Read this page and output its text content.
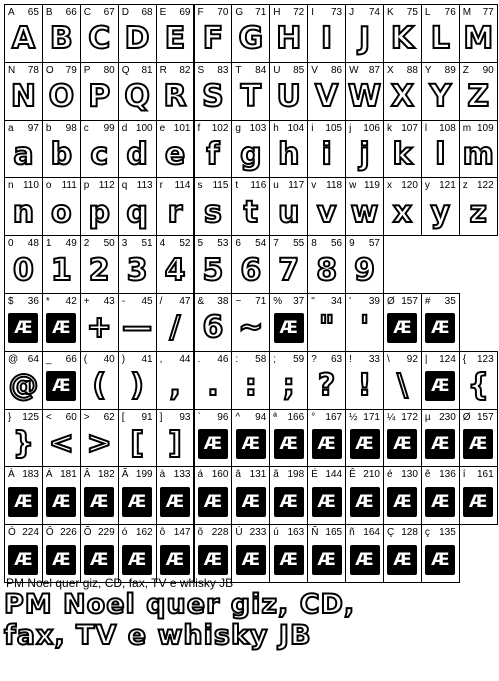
A 65
A
B 66
B
C 67
C
D 68
D
E 69
E
F 70
F
G 71
G
H 72
H
I 73
I
J 74
J
K 75
K
L 76
L
M 77
M
N 78
N
O 79
O
P 80
P
Q 81
Q
R 82
R
S 83
S
T 84
T
U 85
U
V 86
V
W 87
W
X 88
X
Y 89
Y
Z 90
Z
a 97
a
b 98
b
c 99
c
d 100
d
e 101
e
f 102
f
g 103
g
h 104
h
i 105
i
j 106
j
k 107
k
l 108
l
m 109
m
n 110
n
o 111
o
p 112
p
q 113
q
r 114
r
s 115
s
t 116
t
u 117
u
v 118
v
w 119
w
x 120
x
y 121
y
z 122
z
0 48
0
1 49
1
2 50
2
3 51
3
4 52
4
5 53
5
6 54
6
7 55
7
8 56
8
9 57
9
$ 36
Æ
* 42
Æ
+ 43
+
- 45
—
/ 47
/
& 38
6
~ 71
~
% 37
Æ
" 34
"
' 39
'
Ø 157
Æ
# 35
Æ
@ 64
@
_ 66
Æ
( 40
(
) 41
)
, 44
,
. 46
.
: 58
:
; 59
;
? 63
?
! 33
!
\ 92
\
| 124
Æ
{ 123
{
} 125
}
< 60
<
> 62
>
[ 91
[
] 93
]
` 96
Æ
^ 94
Æ
ª 166
Æ
° 167
Æ
½ 171
Æ
¼ 172
Æ
µ 230
Æ
Ø 157
Æ
À 183
Æ
Á 181
Æ
Â 182
Æ
Ã 199
Æ
à 133
Æ
á 160
Æ
â 131
Æ
ã 198
Æ
É 144
Æ
Ê 210
Æ
é 130
Æ
ê 136
Æ
í 161
Æ
Ó 224
Æ
Ô 226
Æ
Õ 229
Æ
ó 162
Æ
ô 147
Æ
õ 228
Æ
Ú 233
Æ
ú 163
Æ
Ñ 165
Æ
ñ 164
Æ
Ç 128
Æ
ç 135
Æ
PM Noel quer giz, CD, fax, TV e whisky JB
PM Noel quer giz, CD,
fax, TV e whisky JB
